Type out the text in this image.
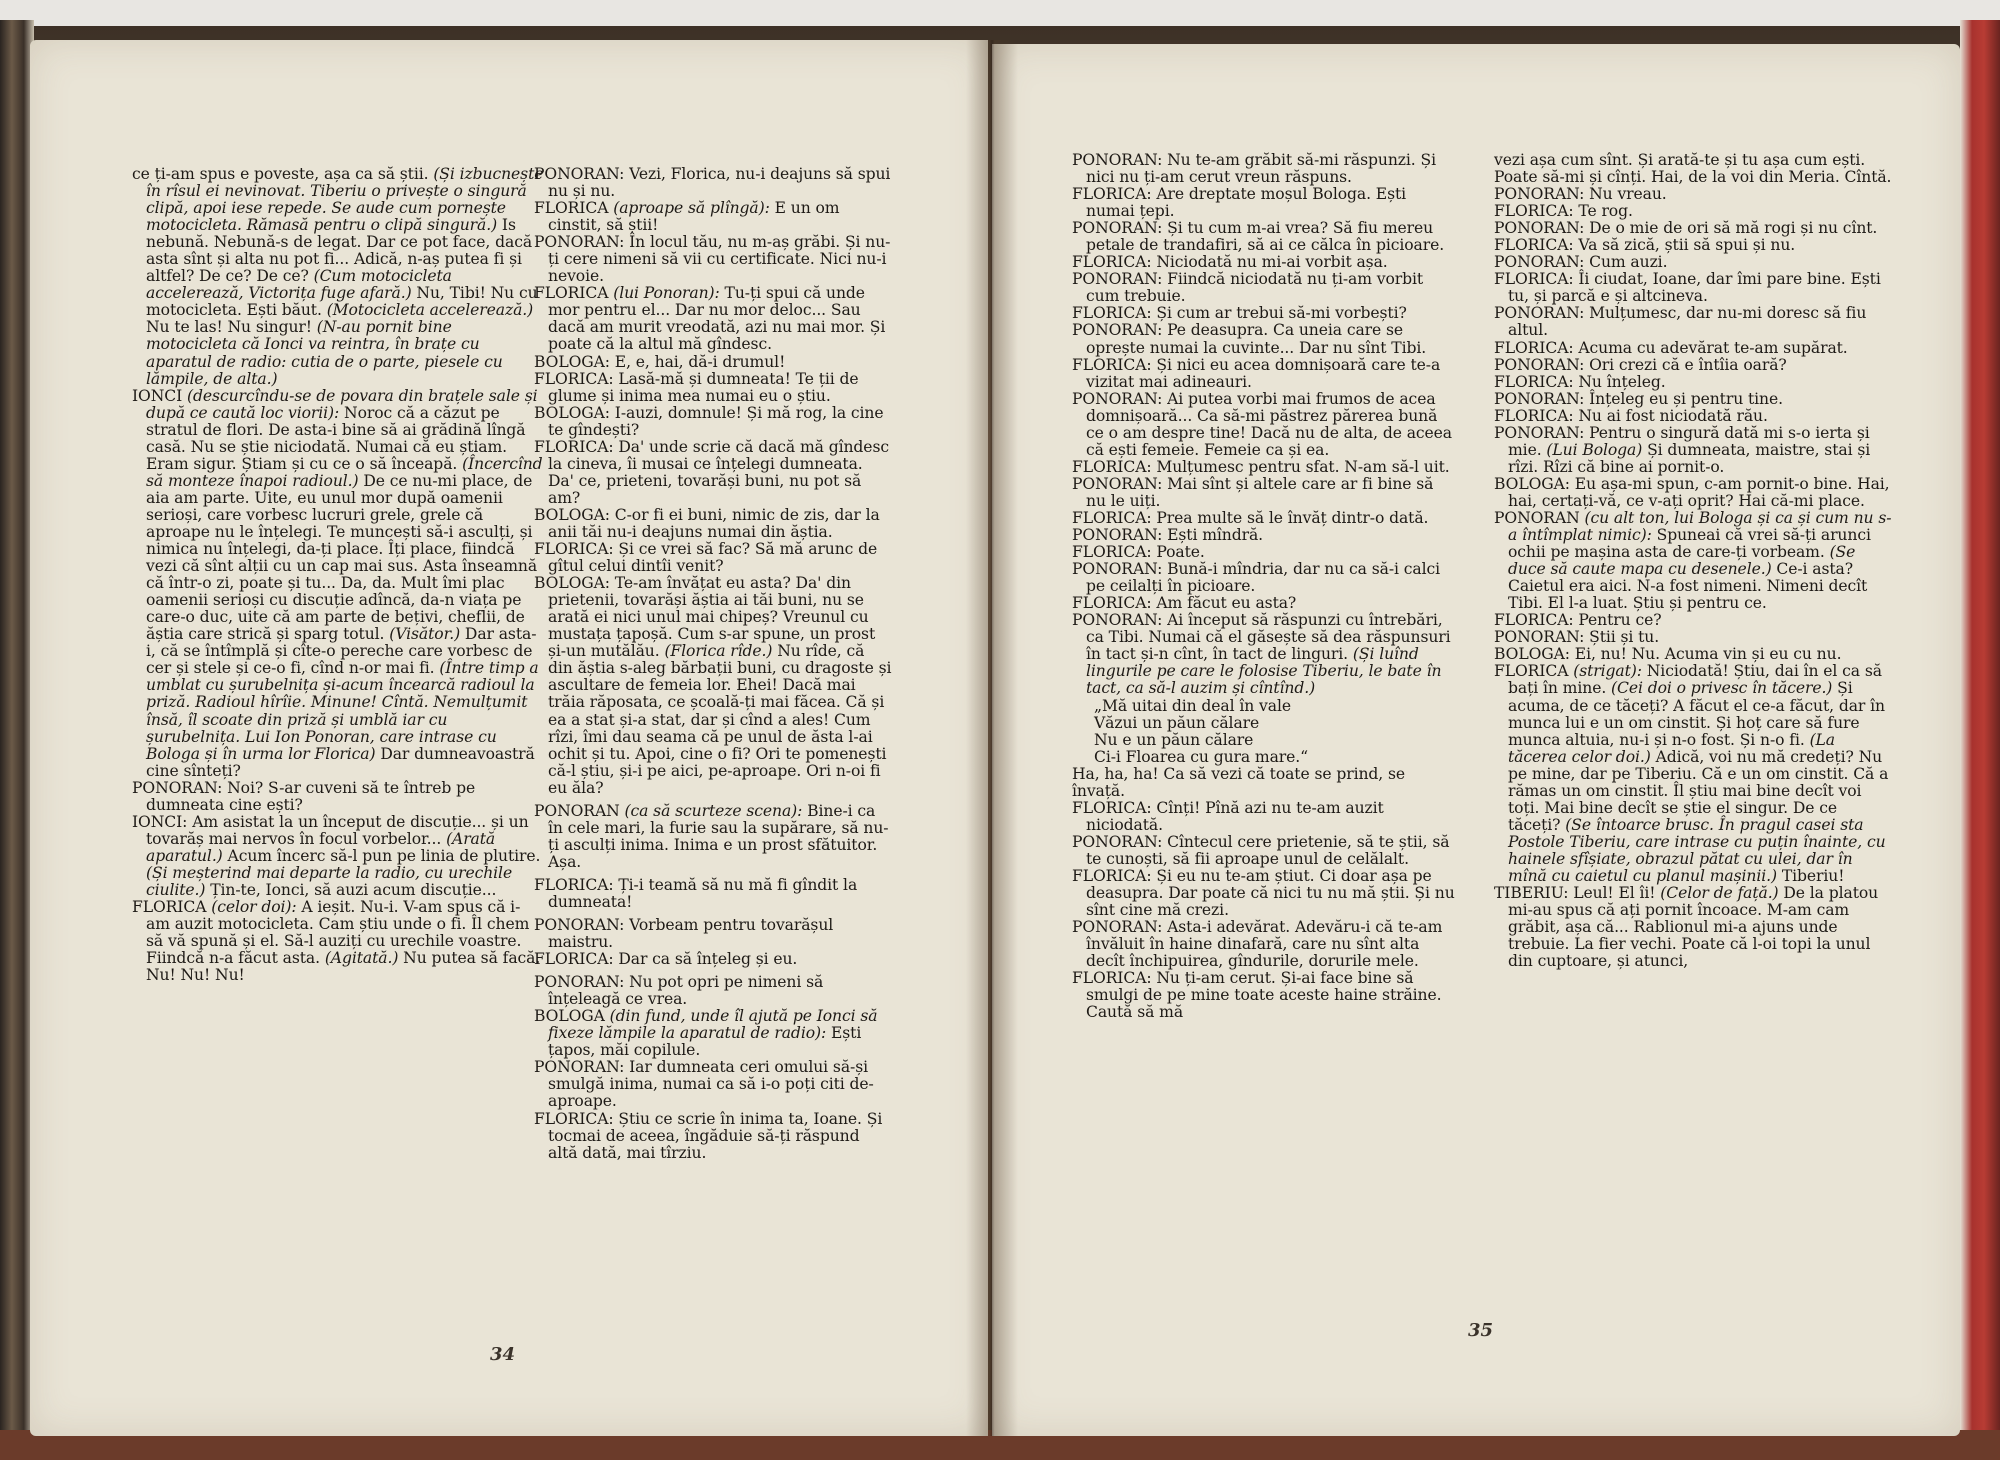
ce ți-am spus e poveste, așa ca să știi. (Și izbucnește în rîsul ei nevinovat. Tiberiu o privește o singură clipă, apoi iese repede. Se aude cum pornește motocicleta. Rămasă pentru o clipă singură.) Is nebună. Nebună-s de legat. Dar ce pot face, dacă asta sînt și alta nu pot fi... Adică, n-aș putea fi și altfel? De ce? De ce? (Cum motocicleta accelerează, Victorița fuge afară.) Nu, Tibi! Nu cu motocicleta. Ești băut. (Motocicleta accelerează.) Nu te las! Nu singur! (N-au pornit bine motocicleta că Ionci va reintra, în brațe cu aparatul de radio: cutia de o parte, piesele cu lămpile, de alta.)

IONCI (descurcîndu-se de povara din brațele sale și după ce caută loc viorii): Noroc că a căzut pe stratul de flori. De asta-i bine să ai grădină lîngă casă. Nu se știe niciodată. Numai că eu știam. Eram sigur. Știam și cu ce o să înceapă. (Încercînd să monteze înapoi radioul.) De ce nu-mi place, de aia am parte. Uite, eu unul mor după oamenii serioși, care vorbesc lucruri grele, grele că aproape nu le înțelegi. Te muncești să-i asculți, și nimica nu înțelegi, da-ți place. Îți place, fiindcă vezi că sînt alții cu un cap mai sus. Asta înseamnă că într-o zi, poate și tu... Da, da. Mult îmi plac oamenii serioși cu discuție adîncă, da-n viața pe care-o duc, uite că am parte de bețivi, cheflii, de ăștia care strică și sparg totul. (Visător.) Dar asta-i, că se întîmplă și cîte-o pereche care vorbesc de cer și stele și ce-o fi, cînd n-or mai fi. (Între timp a umblat cu șurubelnița și-acum încearcă radioul la priză. Radioul hîrîie. Minune! Cîntă. Nemulțumit însă, îl scoate din priză și umblă iar cu șurubelnița. Lui Ion Ponoran, care intrase cu Bologa și în urma lor Florica) Dar dumneavoastră cine sînteți?

PONORAN: Noi? S-ar cuveni să te întreb pe dumneata cine ești?

IONCI: Am asistat la un început de discuție... și un tovarăș mai nervos în focul vorbelor... (Arată aparatul.) Acum încerc să-l pun pe linia de plutire. (Și meșterind mai departe la radio, cu urechile ciulite.) Țin-te, Ionci, să auzi acum discuție...

FLORICA (celor doi): A ieșit. Nu-i. V-am spus că i-am auzit motocicleta. Cam știu unde o fi. Îl chem să vă spună și el. Să-l auziți cu urechile voastre. Fiindcă n-a făcut asta. (Agitată.) Nu putea să facă. Nu! Nu! Nu!

PONORAN: Vezi, Florica, nu-i deajuns să spui nu și nu.

FLORICA (aproape să plîngă): E un om cinstit, să știi!

PONORAN: În locul tău, nu m-aș grăbi. Și nu-ți cere nimeni să vii cu certificate. Nici nu-i nevoie.

FLORICA (lui Ponoran): Tu-ți spui că unde mor pentru el... Dar nu mor deloc... Sau dacă am murit vreodată, azi nu mai mor. Și poate că la altul mă gîndesc.

BOLOGA: E, e, hai, dă-i drumul!

FLORICA: Lasă-mă și dumneata! Te ții de glume și inima mea numai eu o știu.

BOLOGA: I-auzi, domnule! Și mă rog, la cine te gîndești?

FLORICA: Da' unde scrie că dacă mă gîndesc la cineva, îi musai ce înțelegi dumneata. Da' ce, prieteni, tovarăși buni, nu pot să am?

BOLOGA: C-or fi ei buni, nimic de zis, dar la anii tăi nu-i deajuns numai din ăștia.

FLORICA: Și ce vrei să fac? Să mă arunc de gîtul celui dintîi venit?

BOLOGA: Te-am învățat eu asta? Da' din prietenii, tovarăși ăștia ai tăi buni, nu se arată ei nici unul mai chipeș? Vreunul cu mustața țapoșă. Cum s-ar spune, un prost și-un mutălău. (Florica rîde.) Nu rîde, că din ăștia s-aleg bărbații buni, cu dragoste și ascultare de femeia lor. Ehei! Dacă mai trăia răposata, ce școală-ți mai făcea. Că și ea a stat și-a stat, dar și cînd a ales! Cum rîzi, îmi dau seama că pe unul de ăsta l-ai ochit și tu. Apoi, cine o fi? Ori te pomenești că-l știu, și-i pe aici, pe-aproape. Ori n-oi fi eu ăla?

PONORAN (ca să scurteze scena): Bine-i ca în cele mari, la furie sau la supărare, să nu-ți asculți inima. Inima e un prost sfătuitor. Așa.

FLORICA: Ți-i teamă să nu mă fi gîndit la dumneata!

PONORAN: Vorbeam pentru tovarășul maistru.

FLORICA: Dar ca să înțeleg și eu.

PONORAN: Nu pot opri pe nimeni să înțeleagă ce vrea.

BOLOGA (din fund, unde îl ajută pe Ionci să fixeze lămpile la aparatul de radio): Ești țapos, măi copilule.

PONORAN: Iar dumneata ceri omului să-și smulgă inima, numai ca să i-o poți citi de-aproape.

FLORICA: Știu ce scrie în inima ta, Ioane. Și tocmai de aceea, îngăduie să-ți răspund altă dată, mai tîrziu.

PONORAN: Nu te-am grăbit să-mi răspunzi. Și nici nu ți-am cerut vreun răspuns.

FLORICA: Are dreptate moșul Bologa. Ești numai țepi.

PONORAN: Și tu cum m-ai vrea? Să fiu mereu petale de trandafiri, să ai ce călca în picioare.

FLORICA: Niciodată nu mi-ai vorbit așa.

PONORAN: Fiindcă niciodată nu ți-am vorbit cum trebuie.

FLORICA: Și cum ar trebui să-mi vorbești?

PONORAN: Pe deasupra. Ca uneia care se oprește numai la cuvinte... Dar nu sînt Tibi.

FLORICA: Și nici eu acea domnișoară care te-a vizitat mai adineauri.

PONORAN: Ai putea vorbi mai frumos de acea domnișoară... Ca să-mi păstrez părerea bună ce o am despre tine! Dacă nu de alta, de aceea că ești femeie. Femeie ca și ea.

FLORICA: Mulțumesc pentru sfat. N-am să-l uit.

PONORAN: Mai sînt și altele care ar fi bine să nu le uiți.

FLORICA: Prea multe să le învăț dintr-o dată.

PONORAN: Ești mîndră.

FLORICA: Poate.

PONORAN: Bună-i mîndria, dar nu ca să-i calci pe ceilalți în picioare.

FLORICA: Am făcut eu asta?

PONORAN: Ai început să răspunzi cu întrebări, ca Tibi. Numai că el găsește să dea răspunsuri în tact și-n cînt, în tact de linguri. (Și luînd lingurile pe care le folosise Tiberiu, le bate în tact, ca să-l auzim și cîntînd.)

„Mă uitai din deal în vale

Văzui un păun călare

Nu e un păun călare

Ci-i Floarea cu gura mare.“

Ha, ha, ha! Ca să vezi că toate se prind, se învață.

FLORICA: Cînți! Pînă azi nu te-am auzit niciodată.

PONORAN: Cîntecul cere prietenie, să te știi, să te cunoști, să fii aproape unul de celălalt.

FLORICA: Și eu nu te-am știut. Ci doar așa pe deasupra. Dar poate că nici tu nu mă știi. Și nu sînt cine mă crezi.

PONORAN: Asta-i adevărat. Adevăru-i că te-am învăluit în haine dinafară, care nu sînt alta decît închipuirea, gîndurile, dorurile mele.

FLORICA: Nu ți-am cerut. Și-ai face bine să smulgi de pe mine toate aceste haine străine. Caută să mă

vezi așa cum sînt. Și arată-te și tu așa cum ești. Poate să-mi și cînți. Hai, de la voi din Meria. Cîntă.

PONORAN: Nu vreau.

FLORICA: Te rog.

PONORAN: De o mie de ori să mă rogi și nu cînt.

FLORICA: Va să zică, știi să spui și nu.

PONORAN: Cum auzi.

FLORICA: Îi ciudat, Ioane, dar îmi pare bine. Ești tu, și parcă e și altcineva.

PONORAN: Mulțumesc, dar nu-mi doresc să fiu altul.

FLORICA: Acuma cu adevărat te-am supărat.

PONORAN: Ori crezi că e întîia oară?

FLORICA: Nu înțeleg.

PONORAN: Înțeleg eu și pentru tine.

FLORICA: Nu ai fost niciodată rău.

PONORAN: Pentru o singură dată mi s-o ierta și mie. (Lui Bologa) Și dumneata, maistre, stai și rîzi. Rîzi că bine ai pornit-o.

BOLOGA: Eu așa-mi spun, c-am pornit-o bine. Hai, hai, certați-vă, ce v-ați oprit? Hai că-mi place.

PONORAN (cu alt ton, lui Bologa și ca și cum nu s-a întîmplat nimic): Spuneai că vrei să-ți arunci ochii pe mașina asta de care-ți vorbeam. (Se duce să caute mapa cu desenele.) Ce-i asta? Caietul era aici. N-a fost nimeni. Nimeni decît Tibi. El l-a luat. Știu și pentru ce.

FLORICA: Pentru ce?

PONORAN: Știi și tu.

BOLOGA: Ei, nu! Nu. Acuma vin și eu cu nu.

FLORICA (strigat): Niciodată! Știu, dai în el ca să bați în mine. (Cei doi o privesc în tăcere.) Și acuma, de ce tăceți? A făcut el ce-a făcut, dar în munca lui e un om cinstit. Și hoț care să fure munca altuia, nu-i și n-o fost. Și n-o fi. (La tăcerea celor doi.) Adică, voi nu mă credeți? Nu pe mine, dar pe Tiberiu. Că e un om cinstit. Că a rămas un om cinstit. Îl știu mai bine decît voi toți. Mai bine decît se știe el singur. De ce tăceți? (Se întoarce brusc. În pragul casei sta Postole Tiberiu, care intrase cu puțin înainte, cu hainele sfîșiate, obrazul pătat cu ulei, dar în mînă cu caietul cu planul mașinii.) Tiberiu!

TIBERIU: Leul! El îi! (Celor de față.) De la platou mi-au spus că ați pornit încoace. M-am cam grăbit, așa că... Rablionul mi-a ajuns unde trebuie. La fier vechi. Poate că l-oi topi la unul din cuptoare, și atunci,

34
35
